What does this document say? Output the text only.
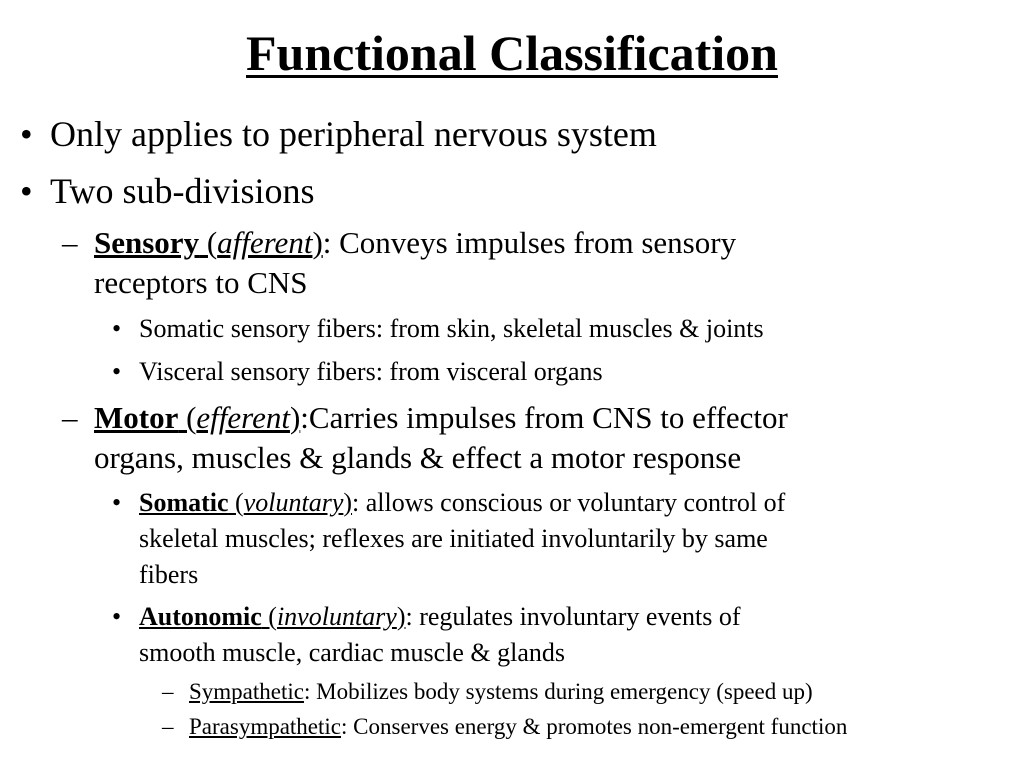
Functional Classification
• Only applies to peripheral nervous system
• Two sub-divisions
– Sensory (afferent): Conveys impulses from sensory
receptors to CNS
• Somatic sensory fibers: from skin, skeletal muscles & joints
• Visceral sensory fibers: from visceral organs
– Motor (efferent):Carries impulses from CNS to effector
organs, muscles & glands & effect a motor response
• Somatic (voluntary): allows conscious or voluntary control of
skeletal muscles; reflexes are initiated involuntarily by same
fibers
• Autonomic (involuntary): regulates involuntary events of
smooth muscle, cardiac muscle & glands
– Sympathetic: Mobilizes body systems during emergency (speed up)
– Parasympathetic: Conserves energy & promotes non-emergent function
